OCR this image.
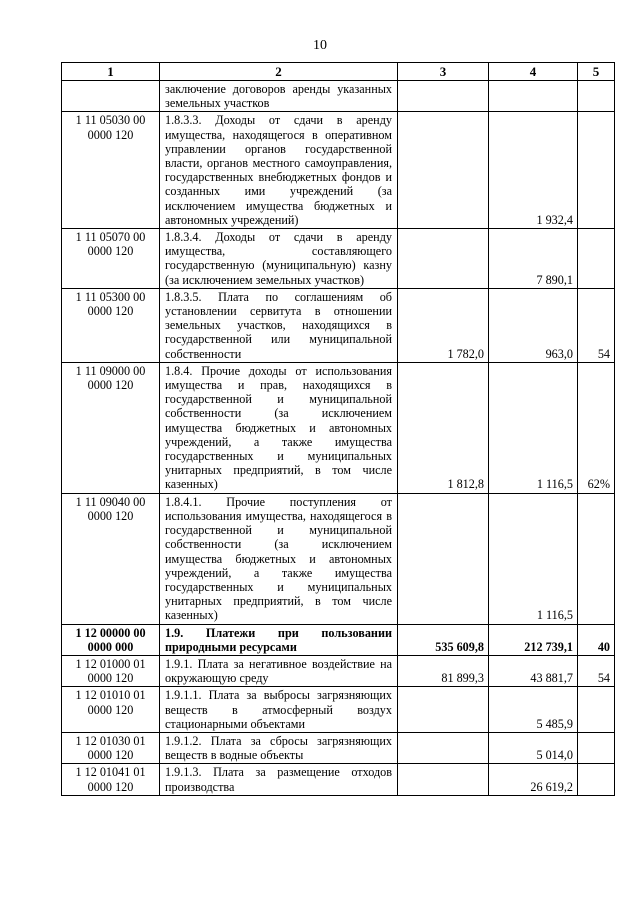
10
1	2	3	4	5
	заключение договоров аренды указанных земельных участков			
1 11 05030 00 0000 120	1.8.3.3. Доходы от сдачи в аренду имущества, находящегося в оперативном управлении органов государственной власти, органов местного самоуправления, государственных внебюджетных фондов и созданных ими учреждений (за исключением имущества бюджетных и автономных учреждений)		1 932,4	
1 11 05070 00 0000 120	1.8.3.4. Доходы от сдачи в аренду имущества, составляющего государственную (муниципальную) казну (за исключением земельных участков)		7 890,1	
1 11 05300 00 0000 120	1.8.3.5. Плата по соглашениям об установлении сервитута в отношении земельных участков, находящихся в государственной или муниципальной собственности	1 782,0	963,0	54
1 11 09000 00 0000 120	1.8.4. Прочие доходы от использования имущества и прав, находящихся в государственной и муниципальной собственности (за исключением имущества бюджетных и автономных учреждений, а также имущества государственных и муниципальных унитарных предприятий, в том числе казенных)	1 812,8	1 116,5	62%
1 11 09040 00 0000 120	1.8.4.1. Прочие поступления от использования имущества, находящегося в государственной и муниципальной собственности (за исключением имущества бюджетных и автономных учреждений, а также имущества государственных и муниципальных унитарных предприятий, в том числе казенных)		1 116,5	
1 12 00000 00 0000 000	1.9. Платежи при пользовании природными ресурсами	535 609,8	212 739,1	40
1 12 01000 01 0000 120	1.9.1. Плата за негативное воздействие на окружающую среду	81 899,3	43 881,7	54
1 12 01010 01 0000 120	1.9.1.1. Плата за выбросы загрязняющих веществ в атмосферный воздух стационарными объектами		5 485,9	
1 12 01030 01 0000 120	1.9.1.2. Плата за сбросы загрязняющих веществ в водные объекты		5 014,0	
1 12 01041 01 0000 120	1.9.1.3. Плата за размещение отходов производства		26 619,2	
